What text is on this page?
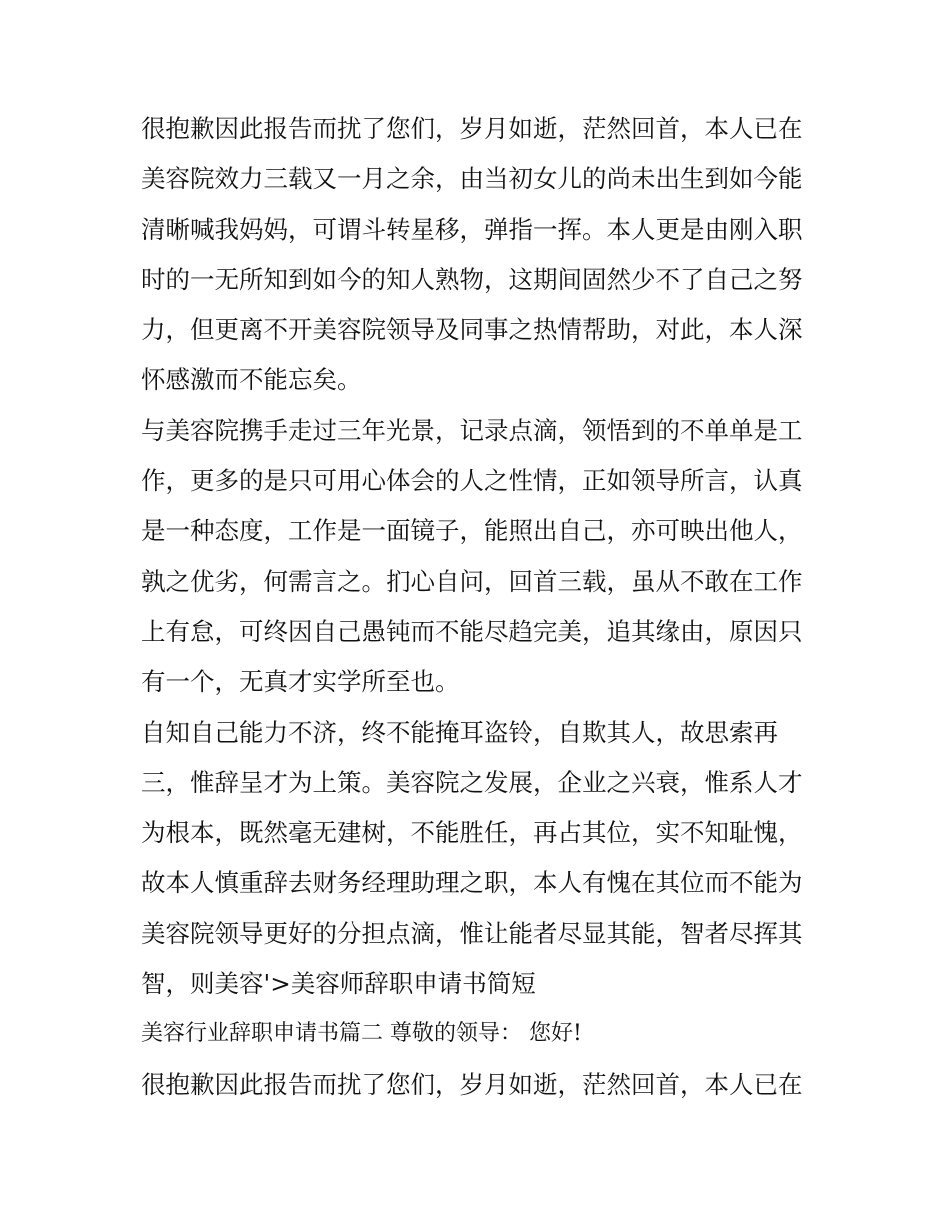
很抱歉因此报告而扰了您们，岁月如逝，茫然回首，本人已在
美容院效力三载又一月之余，由当初女儿的尚未出生到如今能
清晰喊我妈妈，可谓斗转星移，弹指一挥。本人更是由刚入职
时的一无所知到如今的知人熟物，这期间固然少不了自己之努
力，但更离不开美容院领导及同事之热情帮助，对此，本人深
怀感激而不能忘矣。
与美容院携手走过三年光景，记录点滴，领悟到的不单单是工
作，更多的是只可用心体会的人之性情，正如领导所言，认真
是一种态度，工作是一面镜子，能照出自己，亦可映出他人，
孰之优劣，何需言之。扪心自问，回首三载，虽从不敢在工作
上有怠，可终因自己愚钝而不能尽趋完美，追其缘由，原因只
有一个，无真才实学所至也。
自知自己能力不济，终不能掩耳盗铃，自欺其人，故思索再
三，惟辞呈才为上策。美容院之发展，企业之兴衰，惟系人才
为根本，既然毫无建树，不能胜任，再占其位，实不知耻愧，
故本人慎重辞去财务经理助理之职，本人有愧在其位而不能为
美容院领导更好的分担点滴，惟让能者尽显其能，智者尽挥其
智，则美容'>美容师辞职申请书简短
美容行业辞职申请书篇二 尊敬的领导： 您好!
很抱歉因此报告而扰了您们，岁月如逝，茫然回首，本人已在
